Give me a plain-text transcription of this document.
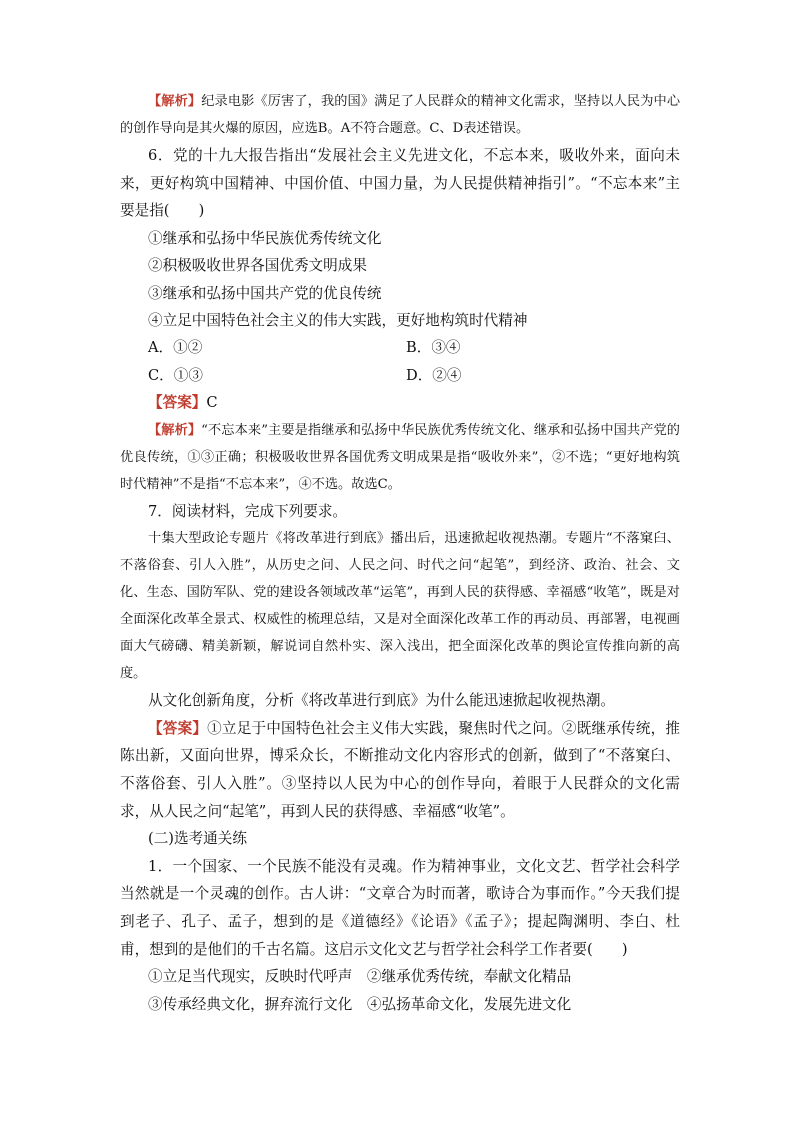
【解析】纪录电影《厉害了，我的国》满足了人民群众的精神文化需求，坚持以人民为中心的创作导向是其火爆的原因，应选B。A不符合题意。C、D表述错误。

6．党的十九大报告指出“发展社会主义先进文化，不忘本来，吸收外来，面向未来，更好构筑中国精神、中国价值、中国力量，为人民提供精神指引”。“不忘本来”主要是指(　　)

①继承和弘扬中华民族优秀传统文化

②积极吸收世界各国优秀文明成果

③继承和弘扬中国共产党的优良传统

④立足中国特色社会主义的伟大实践，更好地构筑时代精神

A．①②	B．③④
C．①③	D．②④

【答案】C

【解析】“不忘本来”主要是指继承和弘扬中华民族优秀传统文化、继承和弘扬中国共产党的优良传统，①③正确；积极吸收世界各国优秀文明成果是指“吸收外来”，②不选；“更好地构筑时代精神”不是指“不忘本来”，④不选。故选C。

7．阅读材料，完成下列要求。

十集大型政论专题片《将改革进行到底》播出后，迅速掀起收视热潮。专题片“不落窠臼、不落俗套、引人入胜”，从历史之问、人民之问、时代之问“起笔”，到经济、政治、社会、文化、生态、国防军队、党的建设各领域改革“运笔”，再到人民的获得感、幸福感“收笔”，既是对全面深化改革全景式、权威性的梳理总结，又是对全面深化改革工作的再动员、再部署，电视画面大气磅礴、精美新颖，解说词自然朴实、深入浅出，把全面深化改革的舆论宣传推向新的高度。

从文化创新角度，分析《将改革进行到底》为什么能迅速掀起收视热潮。

【答案】①立足于中国特色社会主义伟大实践，聚焦时代之问。②既继承传统，推陈出新，又面向世界，博采众长，不断推动文化内容形式的创新，做到了“不落窠臼、不落俗套、引人入胜”。③坚持以人民为中心的创作导向，着眼于人民群众的文化需求，从人民之问“起笔”，再到人民的获得感、幸福感“收笔”。

(二)选考通关练

1．一个国家、一个民族不能没有灵魂。作为精神事业，文化文艺、哲学社会科学当然就是一个灵魂的创作。古人讲：“文章合为时而著，歌诗合为事而作。”今天我们提到老子、孔子、孟子，想到的是《道德经》《论语》《孟子》；提起陶渊明、李白、杜甫，想到的是他们的千古名篇。这启示文化文艺与哲学社会科学工作者要(　　)

①立足当代现实，反映时代呼声　②继承优秀传统，奉献文化精品

③传承经典文化，摒弃流行文化　④弘扬革命文化，发展先进文化
